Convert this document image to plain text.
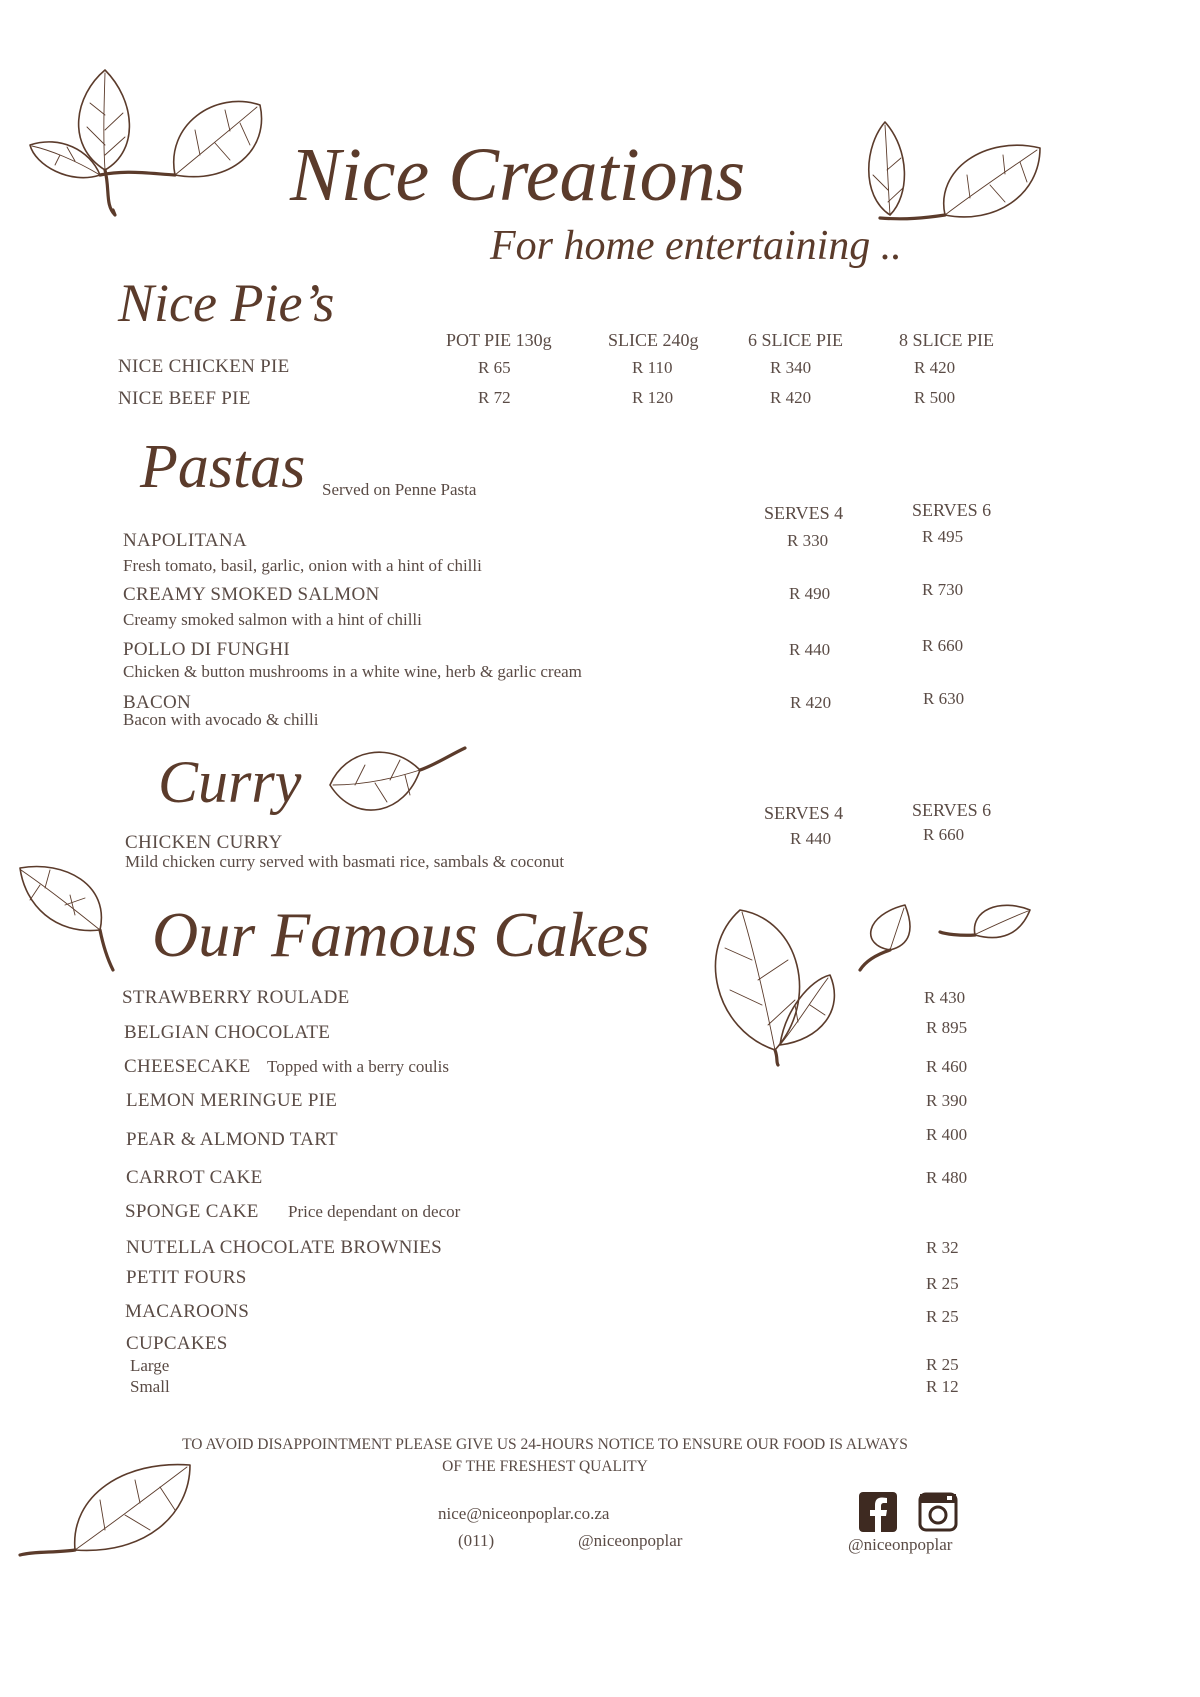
Nice Creations
For home entertaining ..
Nice Pie’s
POT PIE 130g	SLICE 240g	6 SLICE PIE	8 SLICE PIE
NICE CHICKEN PIE	R 65	R 110	R 340	R 420
NICE BEEF PIE	R 72	R 120	R 420	R 500
Pastas Served on Penne Pasta
SERVES 4	SERVES 6
NAPOLITANA
Fresh tomato, basil, garlic, onion with a hint of chilli
R 330	R 495
CREAMY SMOKED SALMON
Creamy smoked salmon with a hint of chilli
R 490	R 730
POLLO DI FUNGHI
Chicken & button mushrooms in a white wine, herb & garlic cream
R 440	R 660
BACON
Bacon with avocado & chilli
R 420	R 630
Curry	SERVES 4	SERVES 6
CHICKEN CURRY
Mild chicken curry served with basmati rice, sambals & coconut
R 440	R 660
Our Famous Cakes
STRAWBERRY ROULADE	R 430
BELGIAN CHOCOLATE	R 895
CHEESECAKE Topped with a berry coulis	R 460
LEMON MERINGUE PIE	R 390
PEAR & ALMOND TART	R 400
CARROT CAKE	R 480
SPONGE CAKE Price dependant on decor
NUTELLA CHOCOLATE BROWNIES	R 32
PETIT FOURS	R 25
MACAROONS	R 25
CUPCAKES
Large	R 25
Small	R 12
TO AVOID DISAPPOINTMENT PLEASE GIVE US 24-HOURS NOTICE TO ENSURE OUR FOOD IS ALWAYS
OF THE FRESHEST QUALITY
nice@niceonpoplar.co.za
(011)	@niceonpoplar	@niceonpoplar
